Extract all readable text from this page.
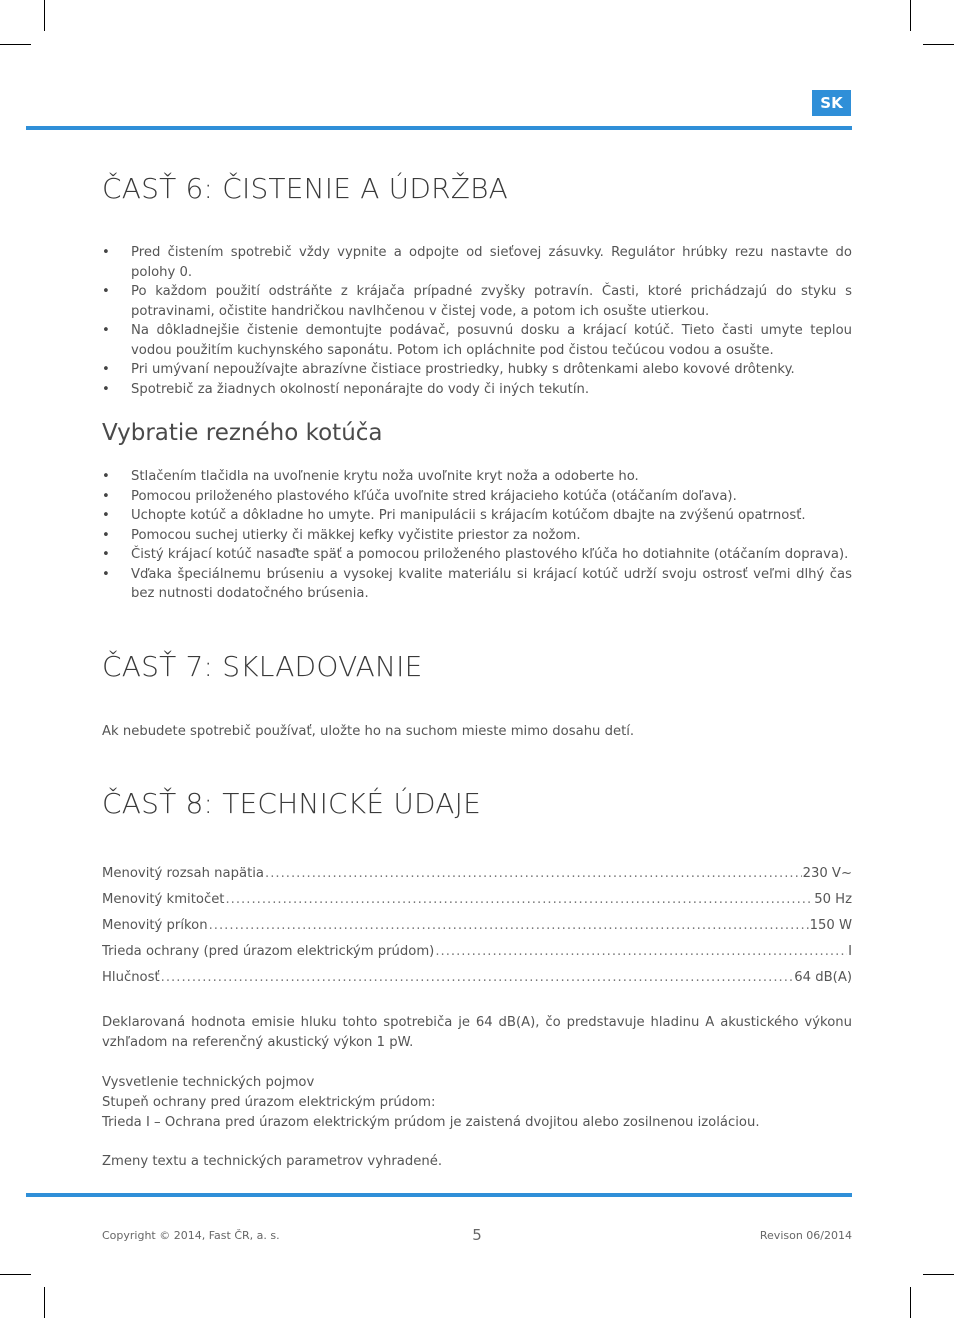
SK
ČASŤ 6: ČISTENIE A ÚDRŽBA
• Pred čistením spotrebič vždy vypnite a odpojte od sieťovej zásuvky. Regulátor hrúbky rezu nastavte do polohy 0.
• Po každom použití odstráňte z krájača prípadné zvyšky potravín. Časti, ktoré prichádzajú do styku s potravinami, očistite handričkou navlhčenou v čistej vode, a potom ich osušte utierkou.
• Na dôkladnejšie čistenie demontujte podávač, posuvnú dosku a krájací kotúč. Tieto časti umyte teplou vodou použitím kuchynského saponátu. Potom ich opláchnite pod čistou tečúcou vodou a osušte.
• Pri umývaní nepoužívajte abrazívne čistiace prostriedky, hubky s drôtenkami alebo kovové drôtenky.
• Spotrebič za žiadnych okolností neponárajte do vody či iných tekutín.
Vybratie rezného kotúča
• Stlačením tlačidla na uvoľnenie krytu noža uvoľnite kryt noža a odoberte ho.
• Pomocou priloženého plastového kľúča uvoľnite stred krájacieho kotúča (otáčaním doľava).
• Uchopte kotúč a dôkladne ho umyte. Pri manipulácii s krájacím kotúčom dbajte na zvýšenú opatrnosť.
• Pomocou suchej utierky či mäkkej kefky vyčistite priestor za nožom.
• Čistý krájací kotúč nasaďte späť a pomocou priloženého plastového kľúča ho dotiahnite (otáčaním doprava).
• Vďaka špeciálnemu brúseniu a vysokej kvalite materiálu si krájací kotúč udrží svoju ostrosť veľmi dlhý čas bez nutnosti dodatočného brúsenia.
ČASŤ 7: SKLADOVANIE

Ak nebudete spotrebič používať, uložte ho na suchom mieste mimo dosahu detí.

ČASŤ 8: TECHNICKÉ ÚDAJE
Menovitý rozsah napätia .....	230 V~
Menovitý kmitočet .....	50 Hz
Menovitý príkon .....	150 W
Trieda ochrany (pred úrazom elektrickým prúdom) .....	I
Hlučnosť .....	64 dB(A)

Deklarovaná hodnota emisie hluku tohto spotrebiča je 64 dB(A), čo predstavuje hladinu A akustického výkonu vzhľadom na referenčný akustický výkon 1 pW.

Vysvetlenie technických pojmov

Stupeň ochrany pred úrazom elektrickým prúdom:

Trieda I – Ochrana pred úrazom elektrickým prúdom je zaistená dvojitou alebo zosilnenou izoláciou.

Zmeny textu a technických parametrov vyhradené.

Copyright © 2014, Fast ČR, a. s.	5	Revison 06/2014
